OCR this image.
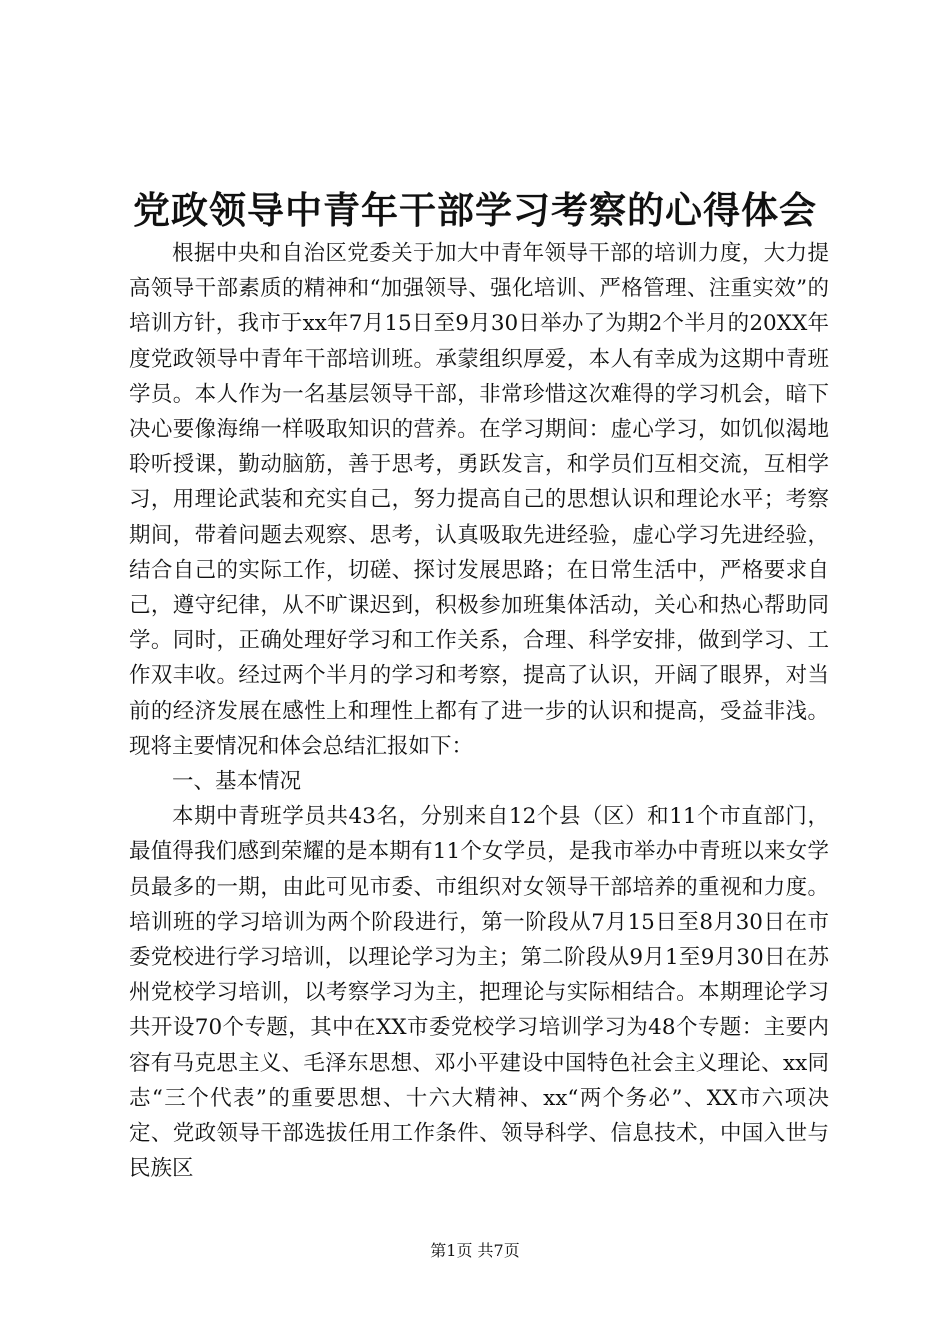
党政领导中青年干部学习考察的心得体会

根据中央和自治区党委关于加大中青年领导干部的培训力度，大力提高领导干部素质的精神和“加强领导、强化培训、严格管理、注重实效”的培训方针，我市于xx年7月15日至9月30日举办了为期2个半月的20XX年度党政领导中青年干部培训班。承蒙组织厚爱，本人有幸成为这期中青班学员。本人作为一名基层领导干部，非常珍惜这次难得的学习机会，暗下决心要像海绵一样吸取知识的营养。在学习期间：虚心学习，如饥似渴地聆听授课，勤动脑筋，善于思考，勇跃发言，和学员们互相交流，互相学习，用理论武装和充实自己，努力提高自己的思想认识和理论水平；考察期间，带着问题去观察、思考，认真吸取先进经验，虚心学习先进经验，结合自己的实际工作，切磋、探讨发展思路；在日常生活中，严格要求自己，遵守纪律，从不旷课迟到，积极参加班集体活动，关心和热心帮助同学。同时，正确处理好学习和工作关系，合理、科学安排，做到学习、工作双丰收。经过两个半月的学习和考察，提高了认识，开阔了眼界，对当前的经济发展在感性上和理性上都有了进一步的认识和提高，受益非浅。现将主要情况和体会总结汇报如下：

一、基本情况

本期中青班学员共43名，分别来自12个县（区）和11个市直部门，最值得我们感到荣耀的是本期有11个女学员，是我市举办中青班以来女学员最多的一期，由此可见市委、市组织对女领导干部培养的重视和力度。培训班的学习培训为两个阶段进行，第一阶段从7月15日至8月30日在市委党校进行学习培训，以理论学习为主；第二阶段从9月1至9月30日在苏州党校学习培训，以考察学习为主，把理论与实际相结合。本期理论学习共开设70个专题，其中在XX市委党校学习培训学习为48个专题：主要内容有马克思主义、毛泽东思想、邓小平建设中国特色社会主义理论、xx同志“三个代表”的重要思想、十六大精神、xx“两个务必”、XX市六项决定、党政领导干部选拔任用工作条件、领导科学、信息技术，中国入世与民族区

第1页 共7页
